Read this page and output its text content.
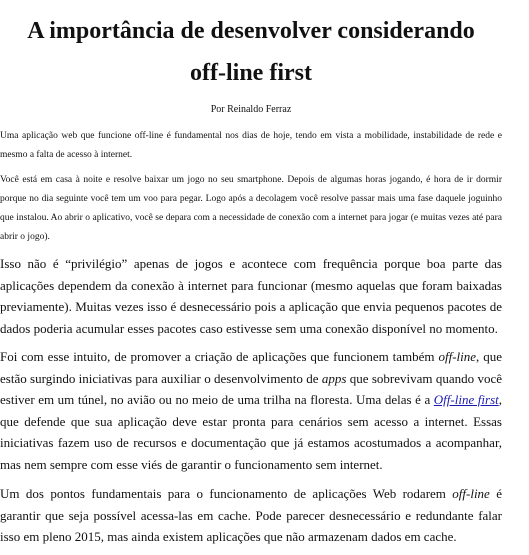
A importância de desenvolver considerando
off-line first
Por Reinaldo Ferraz

Uma aplicação web que funcione off-line é fundamental nos dias de hoje, tendo em vista a mobilidade, instabilidade de rede e mesmo a falta de acesso à internet.

Você está em casa à noite e resolve baixar um jogo no seu smartphone. Depois de algumas horas jogando, é hora de ir dormir porque no dia seguinte você tem um voo para pegar. Logo após a decolagem você resolve passar mais uma fase daquele joguinho que instalou. Ao abrir o aplicativo, você se depara com a necessidade de conexão com a internet para jogar (e muitas vezes até para abrir o jogo).

Isso não é “privilégio” apenas de jogos e acontece com frequência porque boa parte das aplicações dependem da conexão à internet para funcionar (mesmo aquelas que foram baixadas previamente). Muitas vezes isso é desnecessário pois a aplicação que envia pequenos pacotes de dados poderia acumular esses pacotes caso estivesse sem uma conexão disponível no momento.

Foi com esse intuito, de promover a criação de aplicações que funcionem também off-line, que estão surgindo iniciativas para auxiliar o desenvolvimento de apps que sobrevivam quando você estiver em um túnel, no avião ou no meio de uma trilha na floresta. Uma delas é a Off-line first, que defende que sua aplicação deve estar pronta para cenários sem acesso a internet. Essas iniciativas fazem uso de recursos e documentação que já estamos acostumados a acompanhar, mas nem sempre com esse viés de garantir o funcionamento sem internet.

Um dos pontos fundamentais para o funcionamento de aplicações Web rodarem off-line é garantir que seja possível acessa-las em cache. Pode parecer desnecessário e redundante falar isso em pleno 2015, mas ainda existem aplicações que não armazenam dados em cache.
